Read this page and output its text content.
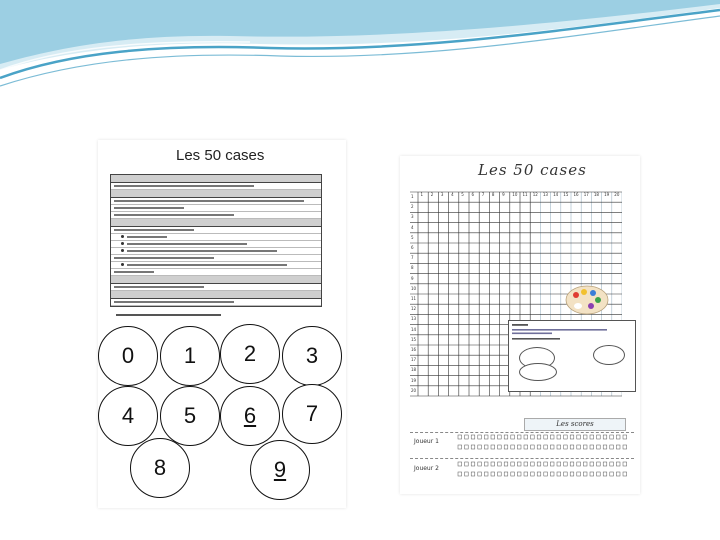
Les 50 cases
0 1 2 3
4 5 6 7
8	9
Les 50 cases
1 2 3 4 5 6 7 8 9 10 11 12 13 14 15 16 17 18 19 20
1
2
3
4
5
6
7
8
9
10
11
12
13
14
15
16
17
18
19
20
Les scores
Joueur 1
Joueur 2
